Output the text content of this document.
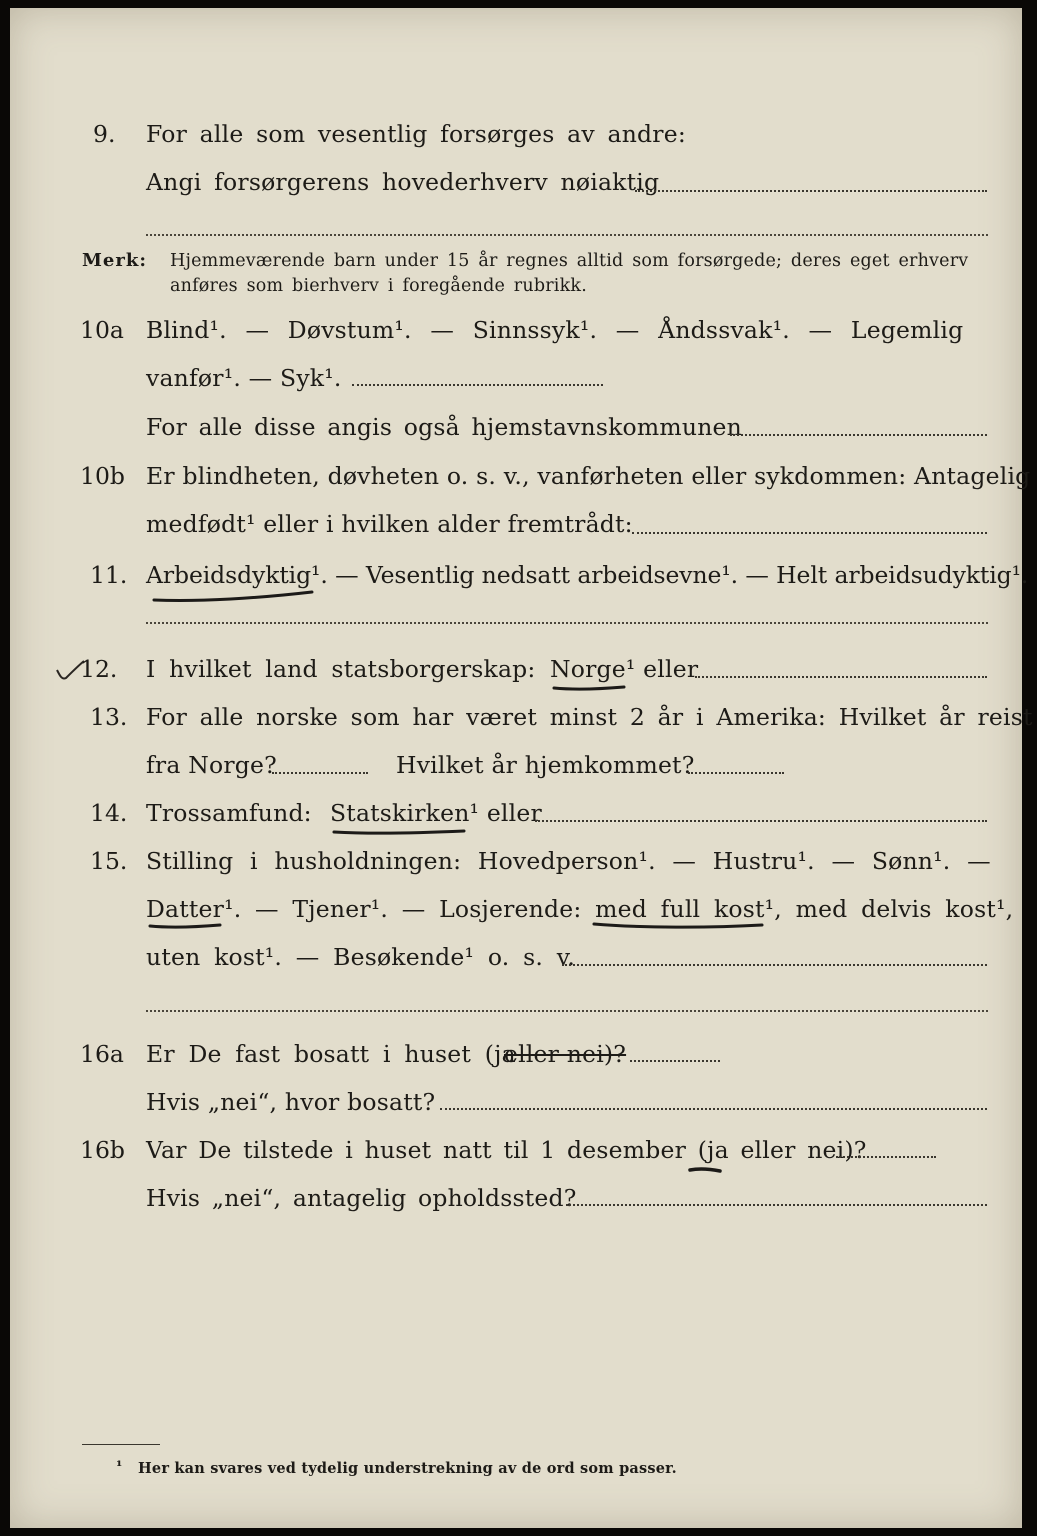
9. For alle som vesentlig forsørges av andre:
Angi forsørgerens hovederhverv nøiaktig
Merk: Hjemmeværende barn under 15 år regnes alltid som forsørgede; deres eget erhverv
anføres som bierhverv i foregående rubrikk.
10a Blind¹. — Døvstum¹. — Sinnssyk¹. — Åndssvak¹. — Legemlig
vanfør¹. — Syk¹.
For alle disse angis også hjemstavnskommunen
10b Er blindheten, døvheten o. s. v., vanførheten eller sykdommen: Antagelig
medfødt¹ eller i hvilken alder fremtrådt:
11. Arbeidsdyktig¹. — Vesentlig nedsatt arbeidsevne¹. — Helt arbeidsudyktig¹.
12. I hvilket land statsborgerskap: Norge¹ eller
13. For alle norske som har været minst 2 år i Amerika: Hvilket år reist
fra Norge?	Hvilket år hjemkommet?
14. Trossamfund: Statskirken¹ eller
15. Stilling i husholdningen: Hovedperson¹. — Hustru¹. — Sønn¹. —
Datter¹. — Tjener¹. — Losjerende: med full kost¹, med delvis kost¹,
uten kost¹. — Besøkende¹ o. s. v.
16a Er De fast bosatt i huset (ja
eller nei)?
Hvis „nei“, hvor bosatt?
16b Var De tilstede i huset natt til 1 desember (ja eller nei)?
Hvis „nei“, antagelig opholdssted?
¹ Her kan svares ved tydelig understrekning av de ord som passer.
